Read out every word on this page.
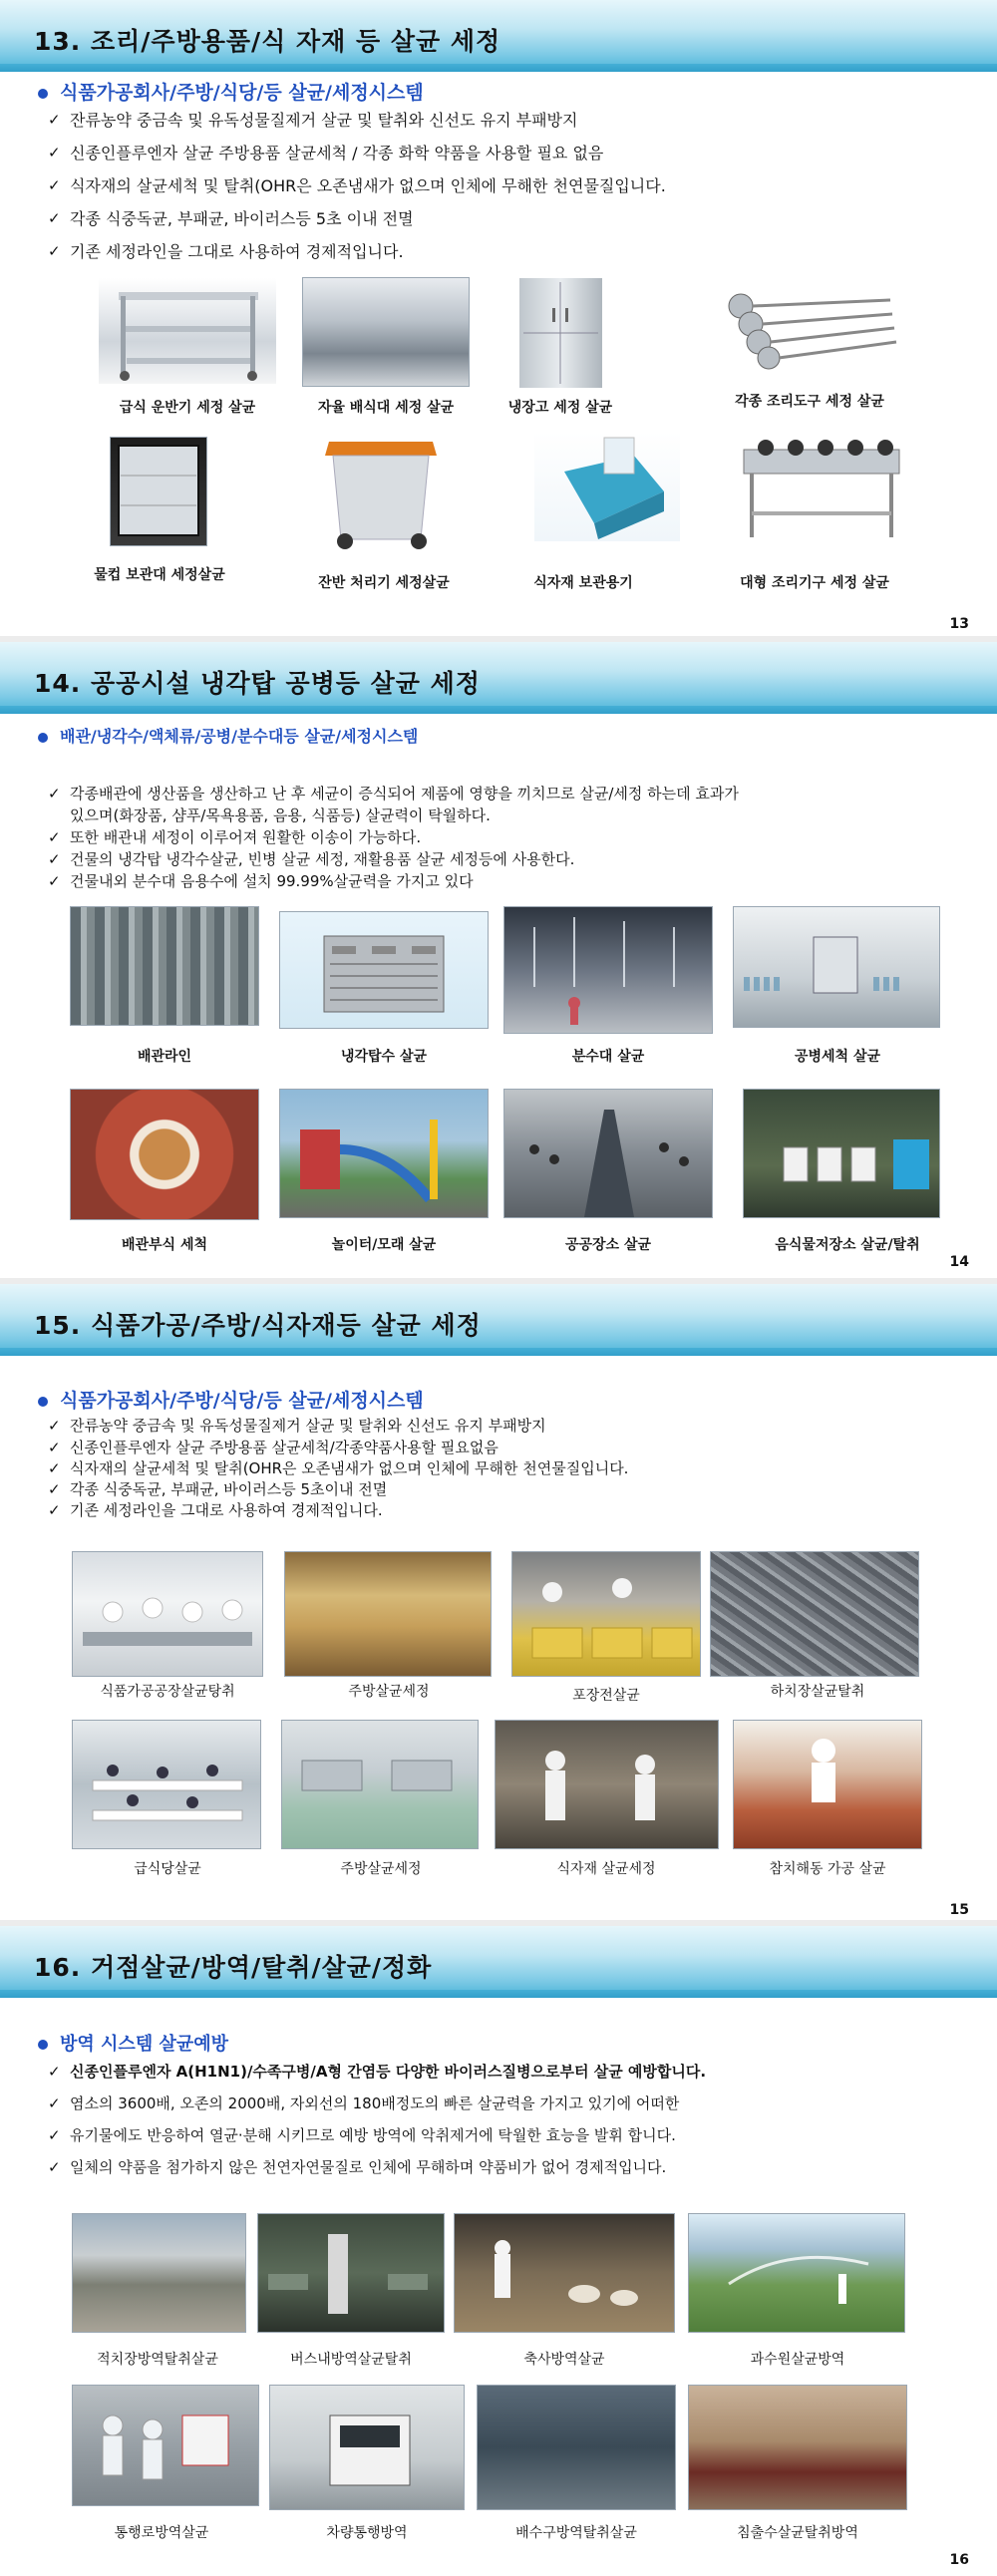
13. 조리/주방용품/식 자재 등 살균 세정
식품가공회사/주방/식당/등 살균/세정시스템
✓ 잔류농약 중금속 및 유독성물질제거 살균 및 탈취와 신선도 유지 부패방지
✓ 신종인플루엔자 살균 주방용품 살균세척 / 각종 화학 약품을 사용할 필요 없음
✓ 식자재의 살균세척 및 탈취(OHR은 오존냄새가 없으며 인체에 무해한 천연물질입니다.
✓ 각종 식중독균, 부패균, 바이러스등 5초 이내 전멸
✓ 기존 세정라인을 그대로 사용하여 경제적입니다.
급식 운반기 세정 살균	자율 배식대 세정 살균	냉장고 세정 살균	각종 조리도구 세정 살균
물컵 보관대 세정살균	잔반 처리기 세정살균	식자재 보관용기	대형 조리기구 세정 살균
13
14. 공공시설 냉각탑 공병등 살균 세정
배관/냉각수/액체류/공병/분수대등 살균/세정시스템
✓ 각종배관에 생산품을 생산하고 난 후 세균이 증식되어 제품에 영향을 끼치므로 살균/세정 하는데 효과가
있으며(화장품, 샴푸/목욕용품, 음용, 식품등) 살균력이 탁월하다.
✓ 또한 배관내 세정이 이루어져 원활한 이송이 가능하다.
✓ 건물의 냉각탑 냉각수살균, 빈병 살균 세정, 재활용품 살균 세정등에 사용한다.
✓ 건물내외 분수대 음용수에 설치 99.99%살균력을 가지고 있다
배관라인	냉각탑수 살균	분수대 살균	공병세척 살균
배관부식 세척	놀이터/모래 살균	공공장소 살균	음식물저장소 살균/탈취
14
15. 식품가공/주방/식자재등 살균 세정
식품가공회사/주방/식당/등 살균/세정시스템
✓ 잔류농약 중금속 및 유독성물질제거 살균 및 탈취와 신선도 유지 부패방지
✓ 신종인플루엔자 살균 주방용품 살균세척/각종약품사용할 필요없음
✓ 식자재의 살균세척 및 탈취(OHR은 오존냄새가 없으며 인체에 무해한 천연물질입니다.
✓ 각종 식중독균, 부패균, 바이러스등 5초이내 전멸
✓ 기존 세정라인을 그대로 사용하여 경제적입니다.
식품가공공장살균탕취	주방살균세정	포장전살균	하치장살균탈취
급식당살균	주방살균세정	식자재 살균세정	참치해동 가공 살균
15
16. 거점살균/방역/탈취/살균/정화
방역 시스템 살균예방
✓ 신종인플루엔자 A(H1N1)/수족구병/A형 간염등 다양한 바이러스질병으로부터 살균 예방합니다.
✓ 염소의 3600배, 오존의 2000배, 자외선의 180배정도의 빠른 살균력을 가지고 있기에 어떠한
✓ 유기물에도 반응하여 열균·분해 시키므로 예방 방역에 악취제거에 탁월한 효능을 발휘 합니다.
✓ 일체의 약품을 첨가하지 않은 천연자연물질로 인체에 무해하며 약품비가 없어 경제적입니다.
적치장방역탈취살균	버스내방역살균탈취	축사방역살균	과수원살균방역
통행로방역살균	차량통행방역	배수구방역탈취살균	침출수살균탈취방역
16
